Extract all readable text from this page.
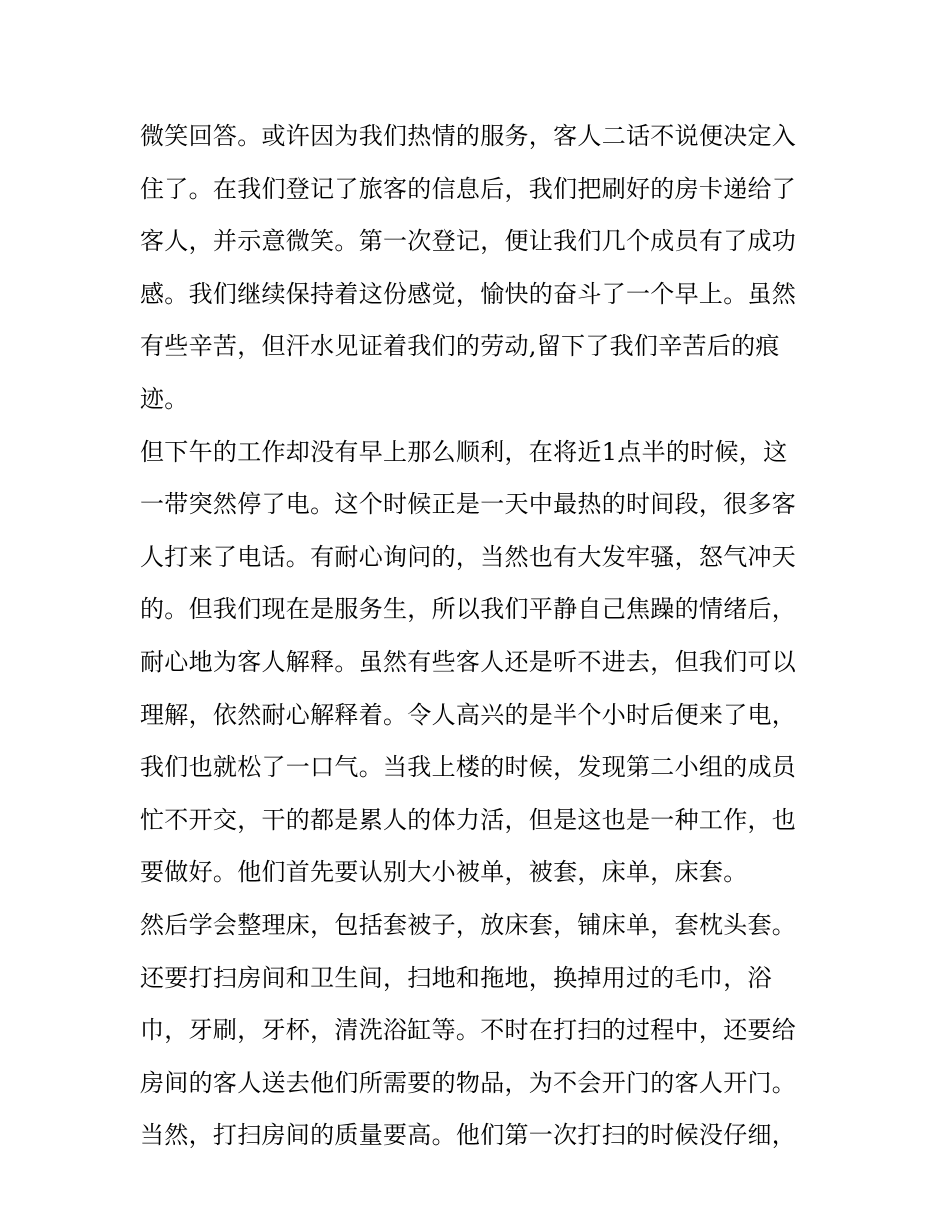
微笑回答。或许因为我们热情的服务，客人二话不说便决定入
住了。在我们登记了旅客的信息后，我们把刷好的房卡递给了
客人，并示意微笑。第一次登记，便让我们几个成员有了成功
感。我们继续保持着这份感觉，愉快的奋斗了一个早上。虽然
有些辛苦，但汗水见证着我们的劳动,留下了我们辛苦后的痕
迹。
但下午的工作却没有早上那么顺利，在将近1点半的时候，这
一带突然停了电。这个时候正是一天中最热的时间段，很多客
人打来了电话。有耐心询问的，当然也有大发牢骚，怒气冲天
的。但我们现在是服务生，所以我们平静自己焦躁的情绪后，
耐心地为客人解释。虽然有些客人还是听不进去，但我们可以
理解，依然耐心解释着。令人高兴的是半个小时后便来了电，
我们也就松了一口气。当我上楼的时候，发现第二小组的成员
忙不开交，干的都是累人的体力活，但是这也是一种工作，也
要做好。他们首先要认别大小被单，被套，床单，床套。
然后学会整理床，包括套被子，放床套，铺床单，套枕头套。
还要打扫房间和卫生间，扫地和拖地，换掉用过的毛巾，浴
巾，牙刷，牙杯，清洗浴缸等。不时在打扫的过程中，还要给
房间的客人送去他们所需要的物品，为不会开门的客人开门。
当然，打扫房间的质量要高。他们第一次打扫的时候没仔细，
